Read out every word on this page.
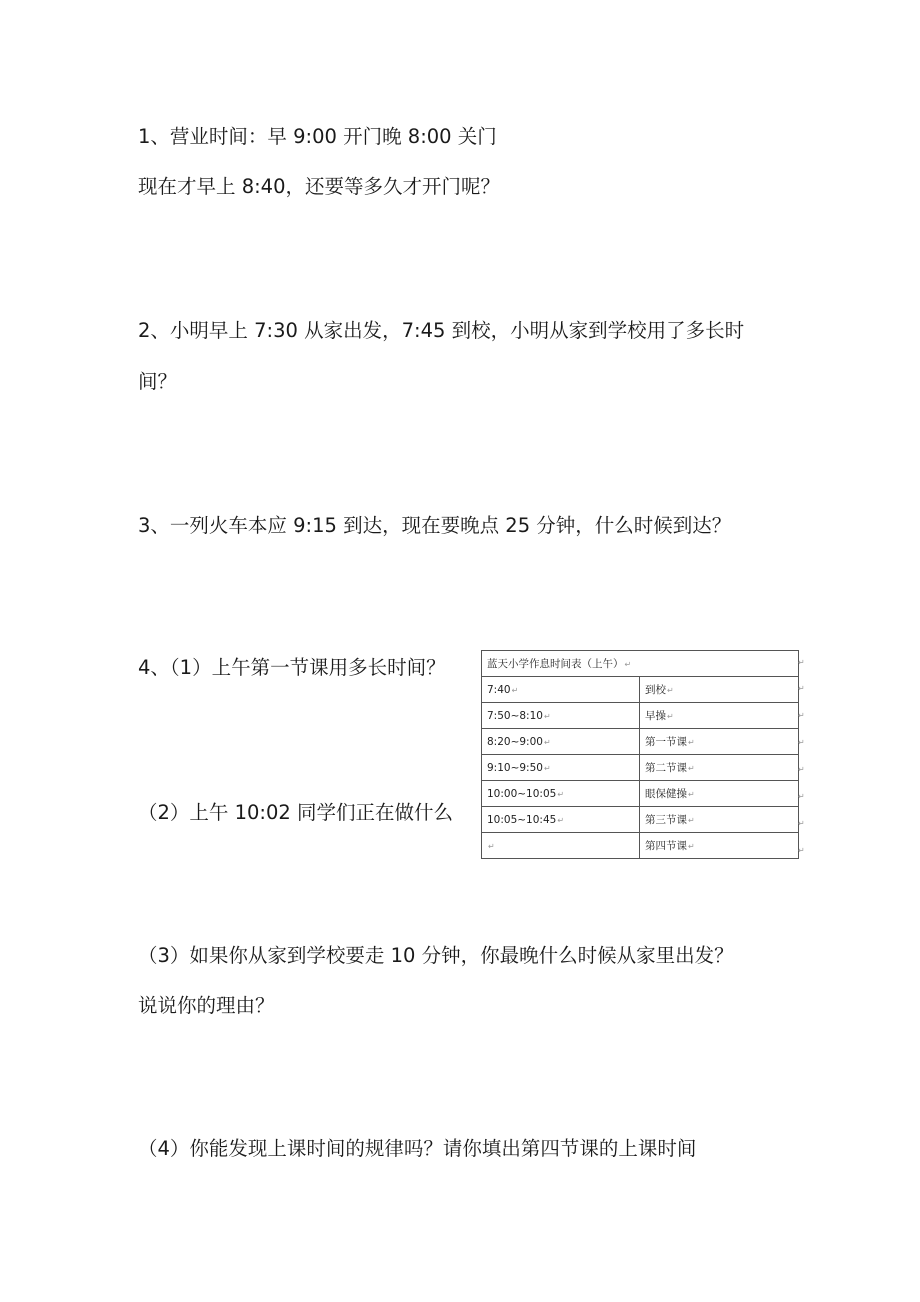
1、营业时间：早 9:00 开门晚 8:00 关门

现在才早上 8:40，还要等多久才开门呢？

2、小明早上 7:30 从家出发，7:45 到校，小明从家到学校用了多长时

间？

3、一列火车本应 9:15 到达，现在要晚点 25 分钟，什么时候到达？

4、（1）上午第一节课用多长时间？

（2）上午 10:02 同学们正在做什么

蓝天小学作息时间表（上午）↵	
7:40↵	到校↵
7:50~8:10↵	早操↵
8:20~9:00↵	第一节课↵
9:10~9:50↵	第二节课↵
10:00~10:05↵	眼保健操↵
10:05~10:45↵	第三节课↵
↵	第四节课↵
↵
↵
↵
↵
↵
↵
↵
↵

（3）如果你从家到学校要走 10 分钟，你最晚什么时候从家里出发？

说说你的理由？

（4）你能发现上课时间的规律吗？请你填出第四节课的上课时间
